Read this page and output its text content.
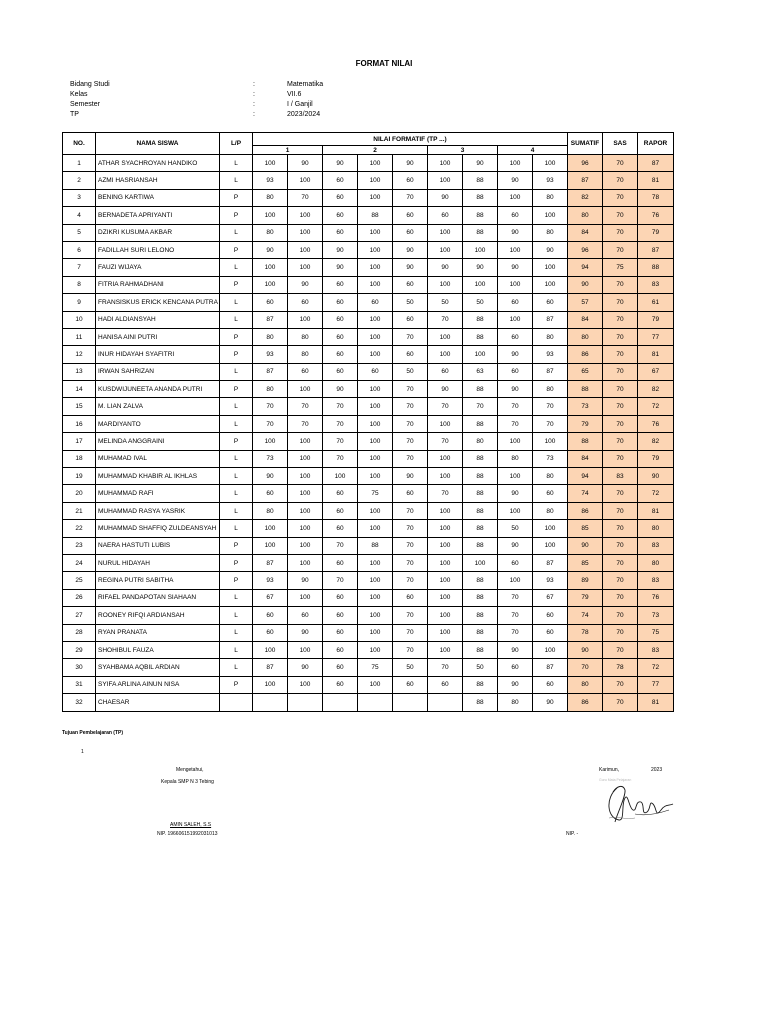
FORMAT NILAI
Bidang Studi	:	Matematika
Kelas	:	VII.6
Semester	:	I / Ganjil
TP	:	2023/2024
NO.	NAMA SISWA	L/P	NILAI FORMATIF (TP ...)									SUMATIF	SAS	RAPOR
			1		2			3		4				
1	ATHAR SYACHROYAN HANDIKO	L	100	90	90	100	90	100	90	100	100	96	70	87
2	AZMI HASRIANSAH	L	93	100	60	100	60	100	88	90	93	87	70	81
3	BENING KARTIWA	P	80	70	60	100	70	90	88	100	80	82	70	78
4	BERNADETA APRIYANTI	P	100	100	60	88	60	60	88	60	100	80	70	76
5	DZIKRI KUSUMA AKBAR	L	80	100	60	100	60	100	88	90	80	84	70	79
6	FADILLAH SURI LELONO	P	90	100	90	100	90	100	100	100	90	96	70	87
7	FAUZI WIJAYA	L	100	100	90	100	90	90	90	90	100	94	75	88
8	FITRIA RAHMADHANI	P	100	90	60	100	60	100	100	100	100	90	70	83
9	FRANSISKUS ERICK KENCANA PUTRA	L	60	60	60	60	50	50	50	60	60	57	70	61
10	HADI ALDIANSYAH	L	87	100	60	100	60	70	88	100	87	84	70	79
11	HANISA AINI PUTRI	P	80	80	60	100	70	100	88	60	80	80	70	77
12	INUR HIDAYAH SYAFITRI	P	93	80	60	100	60	100	100	90	93	86	70	81
13	IRWAN SAHRIZAN	L	87	60	60	60	50	60	63	60	87	65	70	67
14	KUSDWIJUNEETA ANANDA PUTRI	P	80	100	90	100	70	90	88	90	80	88	70	82
15	M. LIAN ZALVA	L	70	70	70	100	70	70	70	70	70	73	70	72
16	MARDIYANTO	L	70	70	70	100	70	100	88	70	70	79	70	76
17	MELINDA ANGGRAINI	P	100	100	70	100	70	70	80	100	100	88	70	82
18	MUHAMAD IVAL	L	73	100	70	100	70	100	88	80	73	84	70	79
19	MUHAMMAD KHABIR AL IKHLAS	L	90	100	100	100	90	100	88	100	80	94	83	90
20	MUHAMMAD RAFI	L	60	100	60	75	60	70	88	90	60	74	70	72
21	MUHAMMAD RASYA YASRIK	L	80	100	60	100	70	100	88	100	80	86	70	81
22	MUHAMMAD SHAFFIQ ZULDEANSYAH	L	100	100	60	100	70	100	88	50	100	85	70	80
23	NAERA HASTUTI LUBIS	P	100	100	70	88	70	100	88	90	100	90	70	83
24	NURUL HIDAYAH	P	87	100	60	100	70	100	100	60	87	85	70	80
25	REGINA PUTRI SABITHA	P	93	90	70	100	70	100	88	100	93	89	70	83
26	RIFAEL PANDAPOTAN SIAHAAN	L	67	100	60	100	60	100	88	70	67	79	70	76
27	ROONEY RIFQI ARDIANSAH	L	60	60	60	100	70	100	88	70	60	74	70	73
28	RYAN PRANATA	L	60	90	60	100	70	100	88	70	60	78	70	75
29	SHOHIBUL FAUZA	L	100	100	60	100	70	100	88	90	100	90	70	83
30	SYAHBAMA AQBIL ARDIAN	L	87	90	60	75	50	70	50	60	87	70	78	72
31	SYIFA ARLINA AINUN NISA	P	100	100	60	100	60	60	88	90	60	80	70	77
32	CHAESAR								88	80	90	86	70	81
Tujuan Pembelajaran (TP)
1
Mengetahui,
Kepala SMP N 3 Tebing
AMIN SALEH, S.S
NIP. 196606151992031013
Karimun,	2023
NIP. -
Guru Mata Pelajaran
